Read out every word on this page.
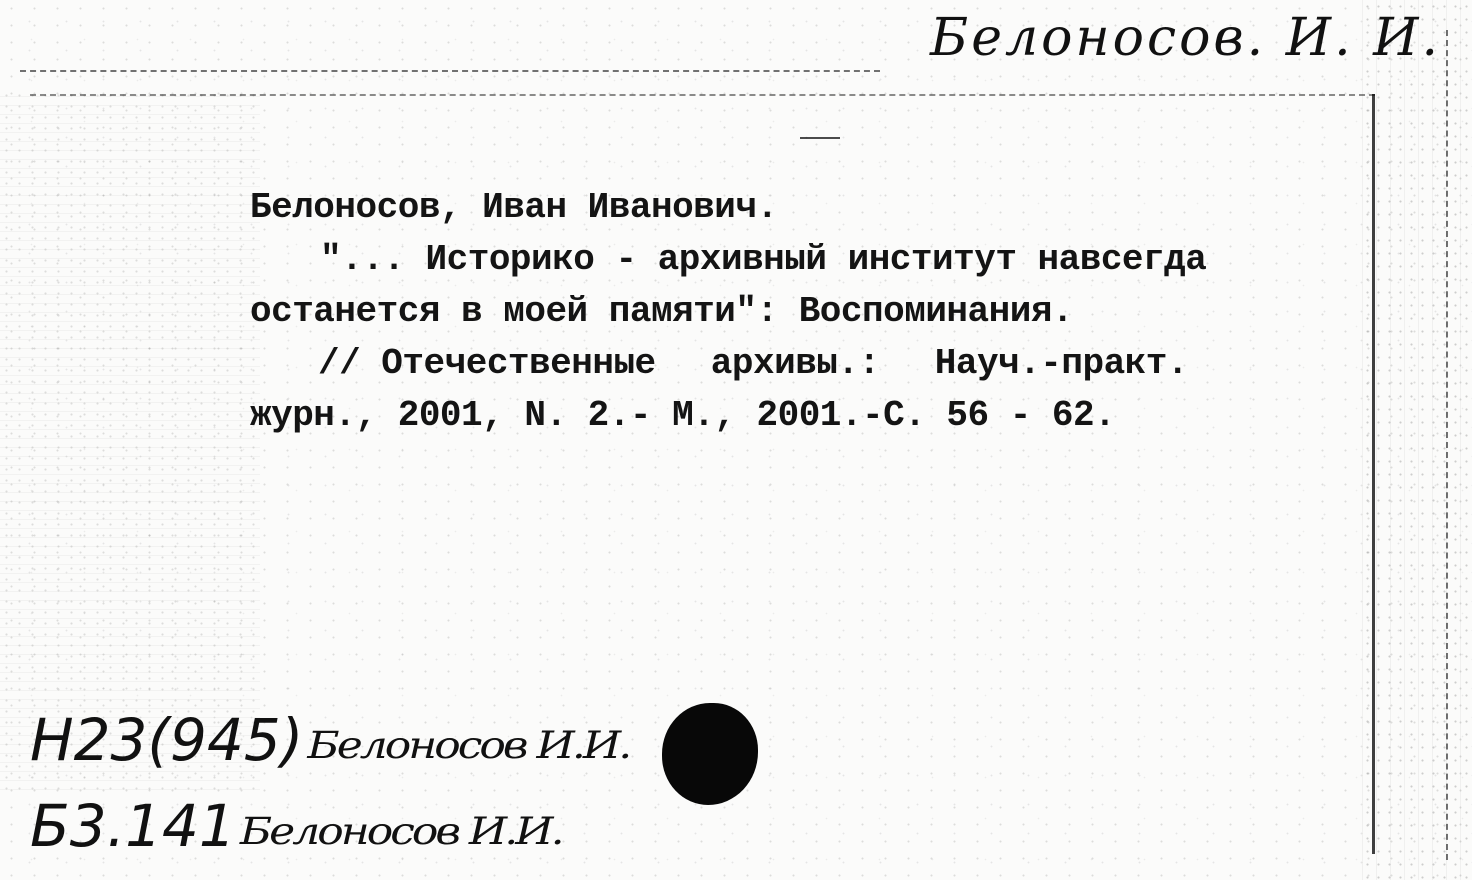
Белоносов. И. И.
Белоносов, Иван Иванович.
"... Историко - архивный институт навсегда
останется в моей памяти": Воспоминания.
// Отечественные архивы.: Науч.-практ.
журн., 2001, N. 2.- М., 2001.-С. 56 - 62.
Н23(945)Белоносов И.И.
Б3.141Белоносов И.И.
